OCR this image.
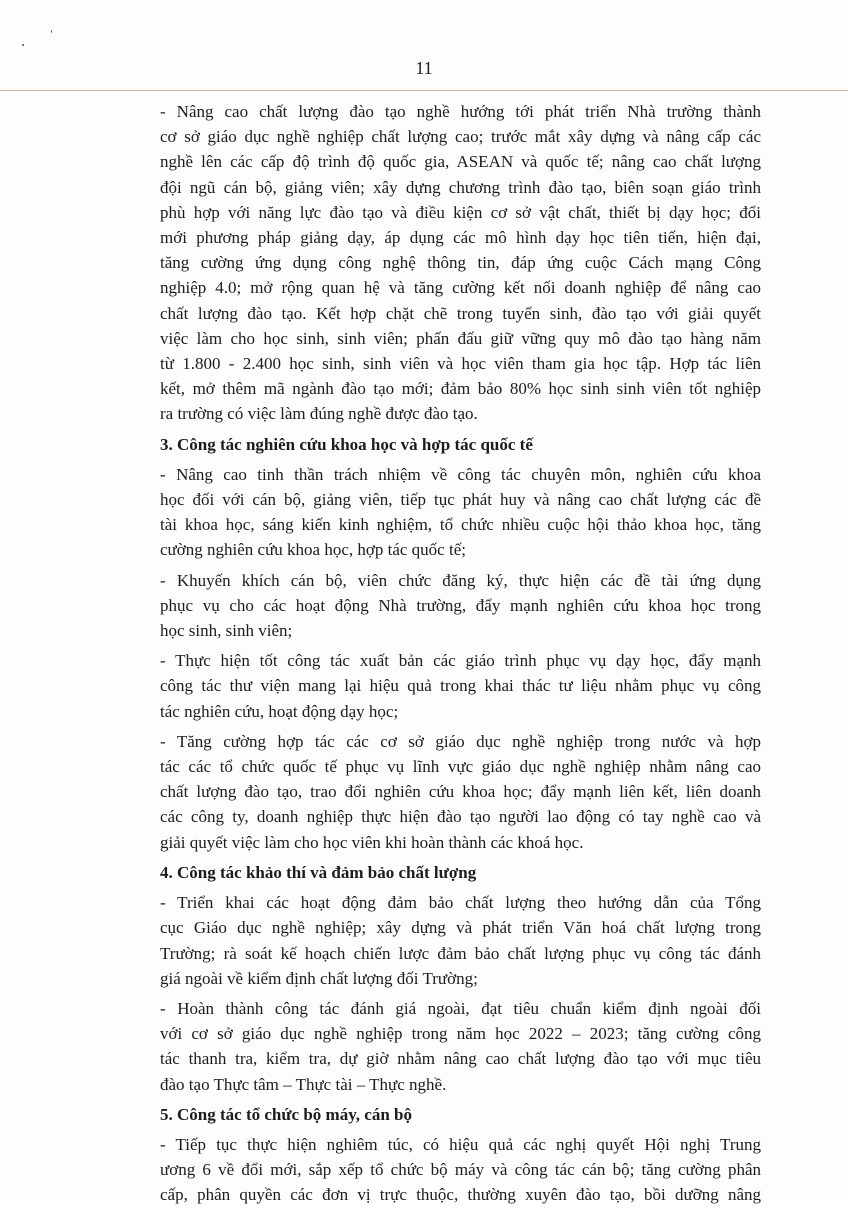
11
- Nâng cao chất lượng đào tạo nghề hướng tới phát triển Nhà trường thành
cơ sở giáo dục nghề nghiệp chất lượng cao; trước mắt xây dựng và nâng cấp các
nghề lên các cấp độ trình độ quốc gia, ASEAN và quốc tế; nâng cao chất lượng
đội ngũ cán bộ, giảng viên; xây dựng chương trình đào tạo, biên soạn giáo trình
phù hợp với năng lực đào tạo và điều kiện cơ sở vật chất, thiết bị dạy học; đổi
mới phương pháp giảng dạy, áp dụng các mô hình dạy học tiên tiến, hiện đại,
tăng cường ứng dụng công nghệ thông tin, đáp ứng cuộc Cách mạng Công
nghiệp 4.0; mở rộng quan hệ và tăng cường kết nối doanh nghiệp để nâng cao
chất lượng đào tạo. Kết hợp chặt chẽ trong tuyển sinh, đào tạo với giải quyết
việc làm cho học sinh, sinh viên; phấn đấu giữ vững quy mô đào tạo hàng năm
từ 1.800 - 2.400 học sinh, sinh viên và học viên tham gia học tập. Hợp tác liên
kết, mở thêm mã ngành đào tạo mới; đảm bảo 80% học sinh sinh viên tốt nghiệp
ra trường có việc làm đúng nghề được đào tạo.
3. Công tác nghiên cứu khoa học và hợp tác quốc tế
- Nâng cao tinh thần trách nhiệm về công tác chuyên môn, nghiên cứu khoa
học đối với cán bộ, giảng viên, tiếp tục phát huy và nâng cao chất lượng các đề
tài khoa học, sáng kiến kinh nghiệm, tổ chức nhiều cuộc hội thảo khoa học, tăng
cường nghiên cứu khoa học, hợp tác quốc tế;
- Khuyến khích cán bộ, viên chức đăng ký, thực hiện các đề tài ứng dụng
phục vụ cho các hoạt động Nhà trường, đẩy mạnh nghiên cứu khoa học trong
học sinh, sinh viên;
- Thực hiện tốt công tác xuất bản các giáo trình phục vụ dạy học, đẩy mạnh
công tác thư viện mang lại hiệu quả trong khai thác tư liệu nhằm phục vụ công
tác nghiên cứu, hoạt động dạy học;
- Tăng cường hợp tác các cơ sở giáo dục nghề nghiệp trong nước và hợp
tác các tổ chức quốc tế phục vụ lĩnh vực giáo dục nghề nghiệp nhằm nâng cao
chất lượng đào tạo, trao đổi nghiên cứu khoa học; đẩy mạnh liên kết, liên doanh
các công ty, doanh nghiệp thực hiện đào tạo người lao động có tay nghề cao và
giải quyết việc làm cho học viên khi hoàn thành các khoá học.
4. Công tác khảo thí và đảm bảo chất lượng
- Triển khai các hoạt động đảm bảo chất lượng theo hướng dẫn của Tổng
cục Giáo dục nghề nghiệp; xây dựng và phát triển Văn hoá chất lượng trong
Trường; rà soát kế hoạch chiến lược đảm bảo chất lượng phục vụ công tác đánh
giá ngoài về kiểm định chất lượng đối Trường;
- Hoàn thành công tác đánh giá ngoài, đạt tiêu chuẩn kiểm định ngoài đối
với cơ sở giáo dục nghề nghiệp trong năm học 2022 – 2023; tăng cường công
tác thanh tra, kiểm tra, dự giờ nhằm nâng cao chất lượng đào tạo với mục tiêu
đào tạo Thực tâm – Thực tài – Thực nghề.
5. Công tác tổ chức bộ máy, cán bộ
- Tiếp tục thực hiện nghiêm túc, có hiệu quả các nghị quyết Hội nghị Trung
ương 6 về đổi mới, sắp xếp tổ chức bộ máy và công tác cán bộ; tăng cường phân
cấp, phân quyền các đơn vị trực thuộc, thường xuyên đào tạo, bồi dưỡng nâng
